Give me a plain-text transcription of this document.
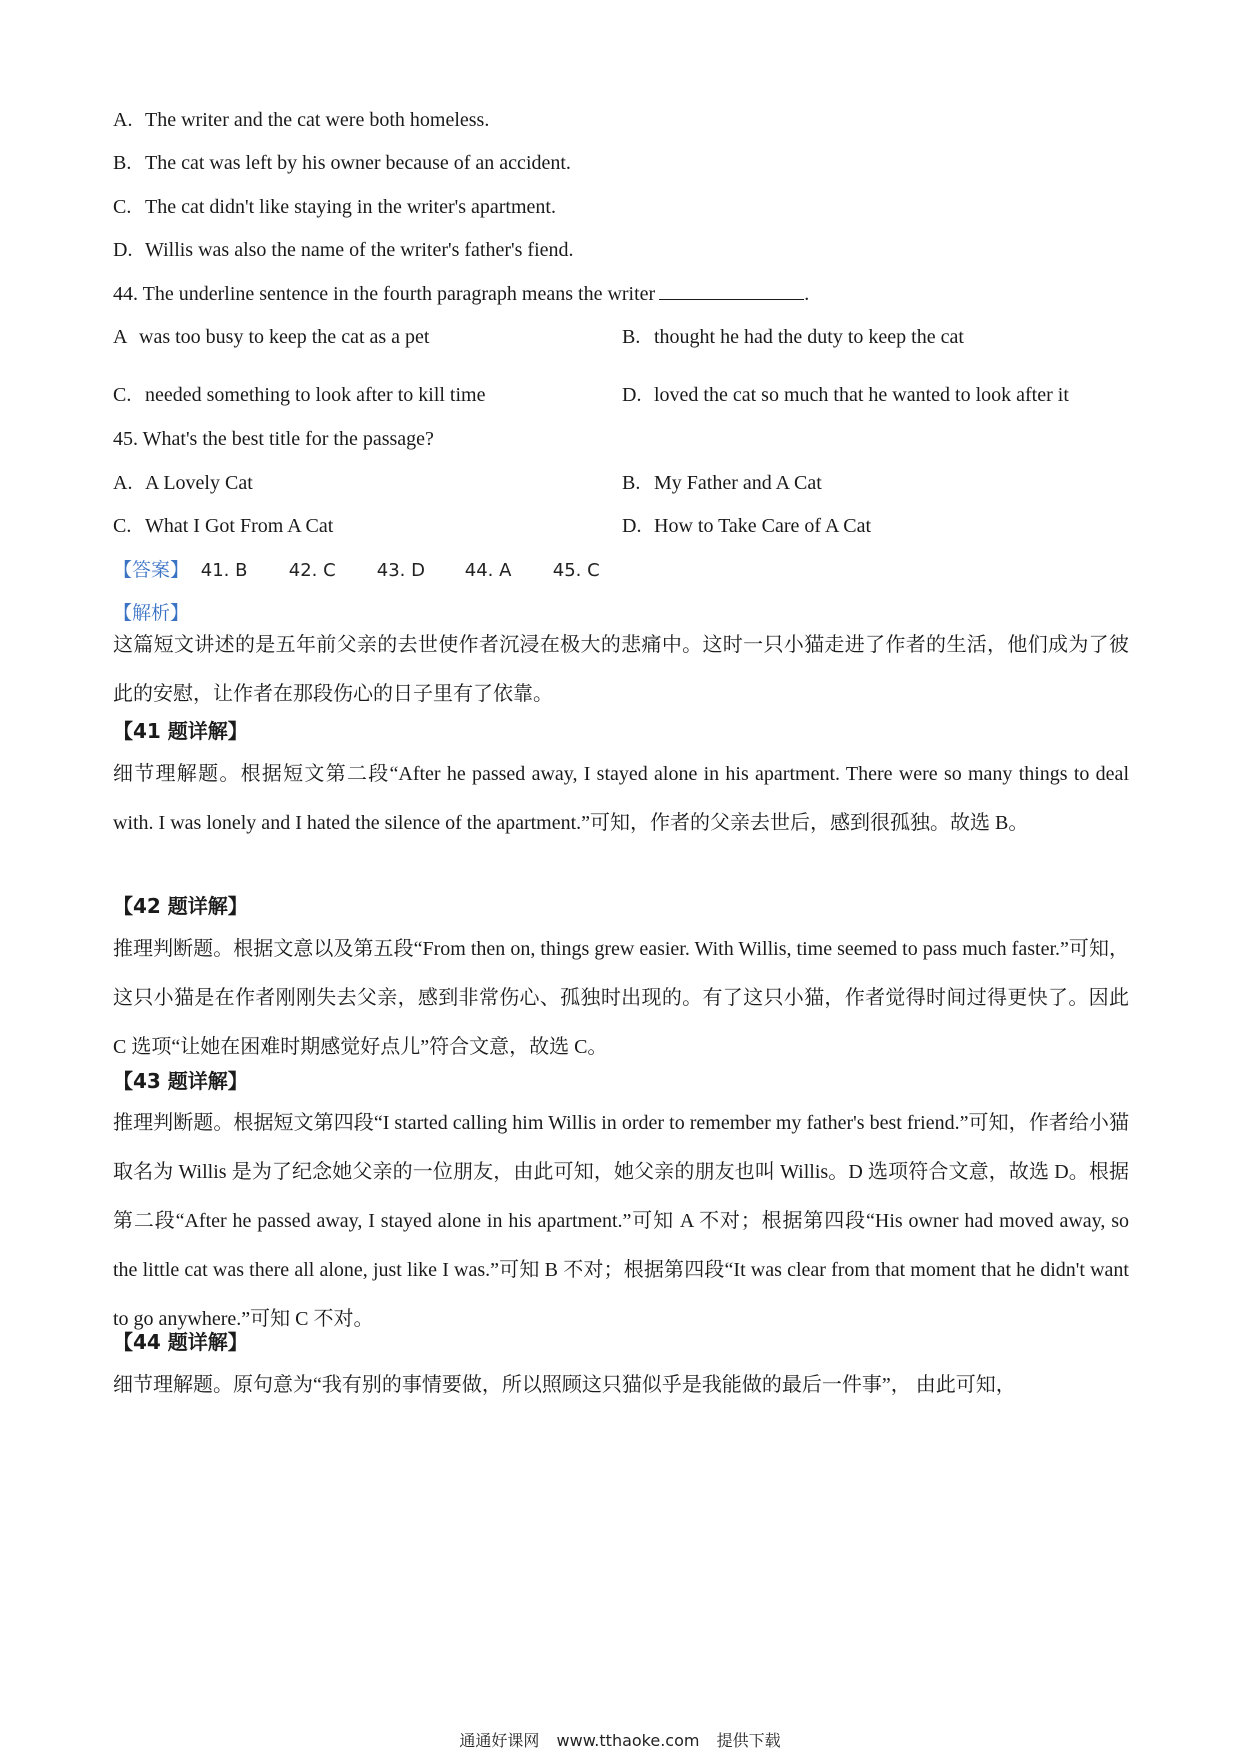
A. The writer and the cat were both homeless.
B. The cat was left by his owner because of an accident.
C. The cat didn't like staying in the writer's apartment.
D. Willis was also the name of the writer's father's fiend.
44. The underline sentence in the fourth paragraph means the writer	.
A was too busy to keep the cat as a pet	B. thought he had the duty to keep the cat
C. needed something to look after to kill time	D. loved the cat so much that he wanted to look after it
45. What's the best title for the passage?
A. A Lovely Cat	B. My Father and A Cat
C. What I Got From A Cat	D. How to Take Care of A Cat
【答案】 41. B 42. C 43. D 44. A 45. C
【解析】
这篇短文讲述的是五年前父亲的去世使作者沉浸在极大的悲痛中。这时一只小猫走进了作者的生活，他们成为了彼此的安慰，让作者在那段伤心的日子里有了依靠。
【41 题详解】
细节理解题。根据短文第二段“After he passed away, I stayed alone in his apartment. There were so many things to deal with. I was lonely and I hated the silence of the apartment.”可知，作者的父亲去世后，感到很孤独。故选 B。
【42 题详解】
推理判断题。根据文意以及第五段“From then on, things grew easier. With Willis, time seemed to pass much faster.”可知，这只小猫是在作者刚刚失去父亲，感到非常伤心、孤独时出现的。有了这只小猫，作者觉得时间过得更快了。因此 C 选项“让她在困难时期感觉好点儿”符合文意，故选 C。
【43 题详解】
推理判断题。根据短文第四段“I started calling him Willis in order to remember my father's best friend.”可知，作者给小猫取名为 Willis 是为了纪念她父亲的一位朋友，由此可知，她父亲的朋友也叫 Willis。D 选项符合文意，故选 D。根据第二段“After he passed away, I stayed alone in his apartment.”可知 A 不对；根据第四段“His owner had moved away, so the little cat was there all alone, just like I was.”可知 B 不对；根据第四段“It was clear from that moment that he didn't want to go anywhere.”可知 C 不对。
【44 题详解】
细节理解题。原句意为“我有别的事情要做，所以照顾这只猫似乎是我能做的最后一件事”， 由此可知，
通通好课网 www.tthaoke.com 提供下载
